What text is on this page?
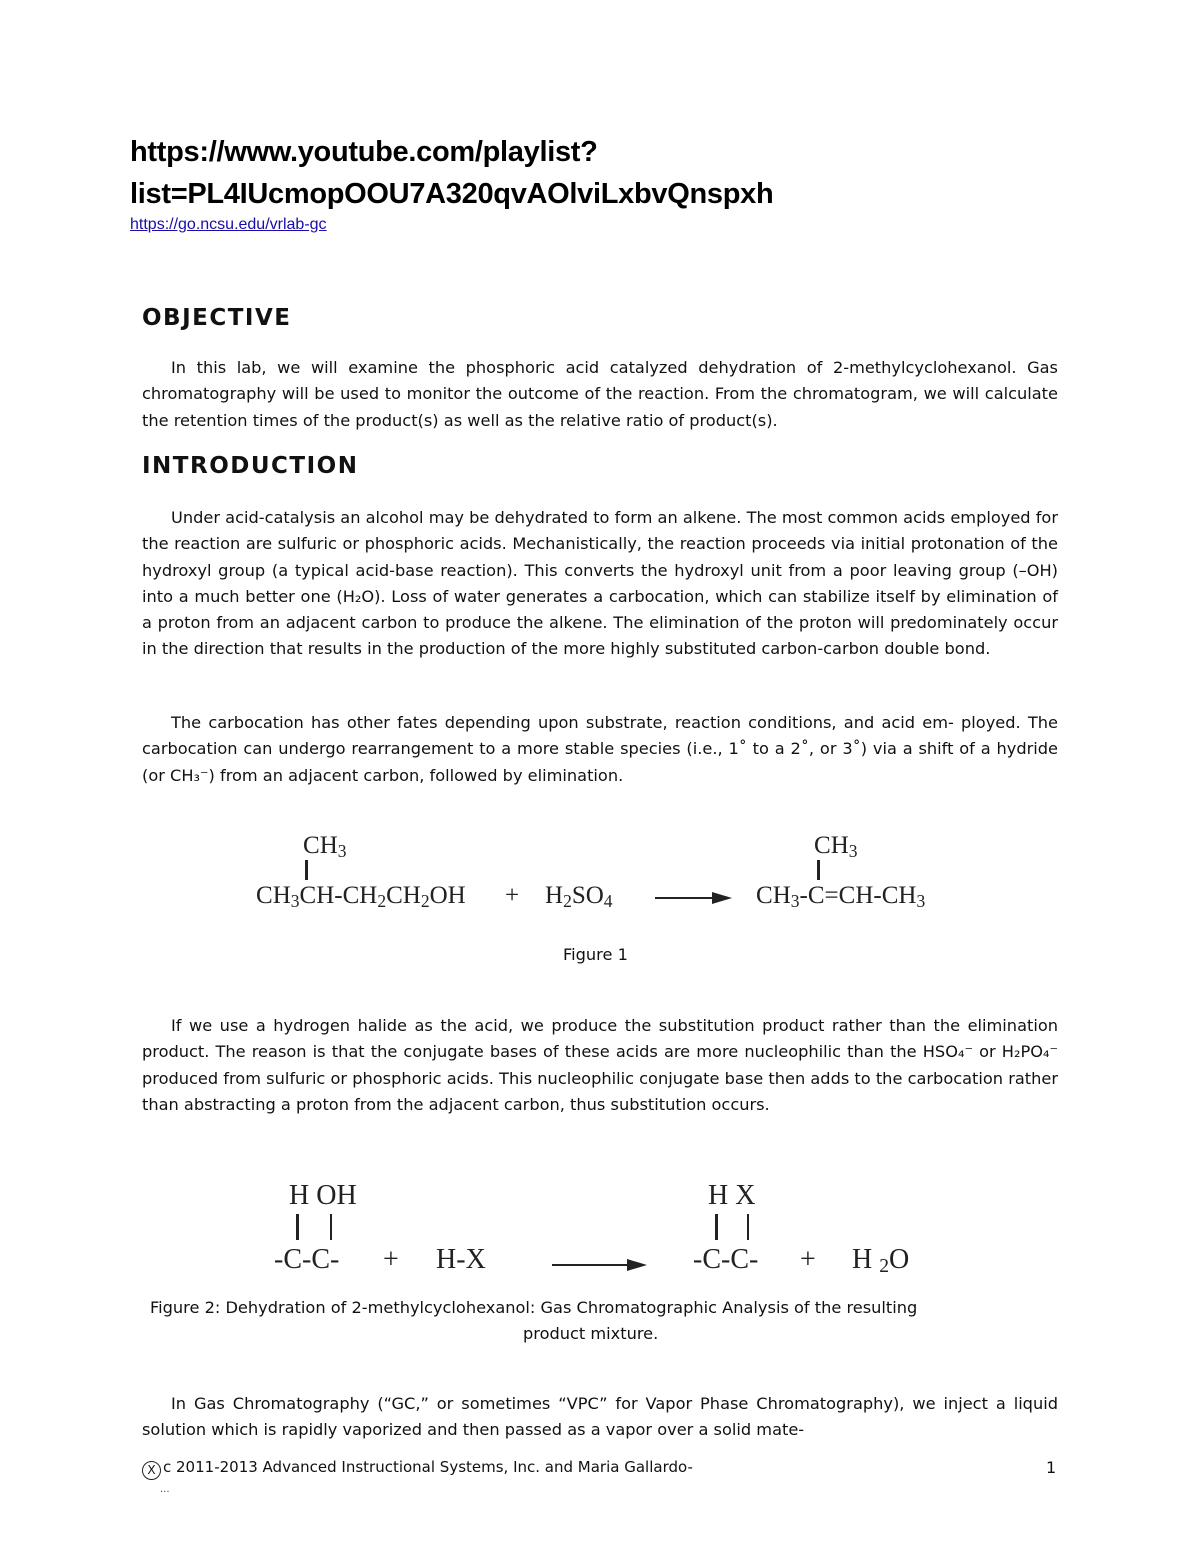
https://www.youtube.com/playlist?
list=PL4IUcmopOOU7A320qvAOlviLxbvQnspxh
https://go.ncsu.edu/vrlab-gc
OBJECTIVE

In this lab, we will examine the phosphoric acid catalyzed dehydration of 2-methylcyclohexanol. Gas chromatography will be used to monitor the outcome of the reaction. From the chromatogram, we will calculate the retention times of the product(s) as well as the relative ratio of product(s).

INTRODUCTION

Under acid-catalysis an alcohol may be dehydrated to form an alkene. The most common acids employed for the reaction are sulfuric or phosphoric acids. Mechanistically, the reaction proceeds via initial protonation of the hydroxyl group (a typical acid-base reaction). This converts the hydroxyl unit from a poor leaving group (–OH) into a much better one (H₂O). Loss of water generates a carbocation, which can stabilize itself by elimination of a proton from an adjacent carbon to produce the alkene. The elimination of the proton will predominately occur in the direction that results in the production of the more highly substituted carbon-carbon double bond.

The carbocation has other fates depending upon substrate, reaction conditions, and acid em- ployed. The carbocation can undergo rearrangement to a more stable species (i.e., 1˚ to a 2˚, or 3˚) via a shift of a hydride (or CH₃⁻) from an adjacent carbon, followed by elimination.

$CH_3$
$CH_3CH-CH_2CH_2OH + H_2SO_4$
$CH_3$
$CH_3-C=CH-CH_3$
Figure 1

If we use a hydrogen halide as the acid, we produce the substitution product rather than the elimination product. The reason is that the conjugate bases of these acids are more nucleophilic than the HSO₄⁻ or H₂PO₄⁻ produced from sulfuric or phosphoric acids. This nucleophilic conjugate base then adds to the carbocation rather than abstracting a proton from the adjacent carbon, thus substitution occurs.

H OH
-C-C- + H-X
H X
-C-C- + H $_2$O
Figure 2: Dehydration of 2-methylcyclohexanol: Gas Chromatographic Analysis of the resulting
product mixture.

In Gas Chromatography (“GC,” or sometimes “VPC” for Vapor Phase Chromatography), we inject a liquid solution which is rapidly vaporized and then passed as a vapor over a solid mate-

X c 2011-2013 Advanced Instructional Systems, Inc. and Maria Gallardo-
...
1
